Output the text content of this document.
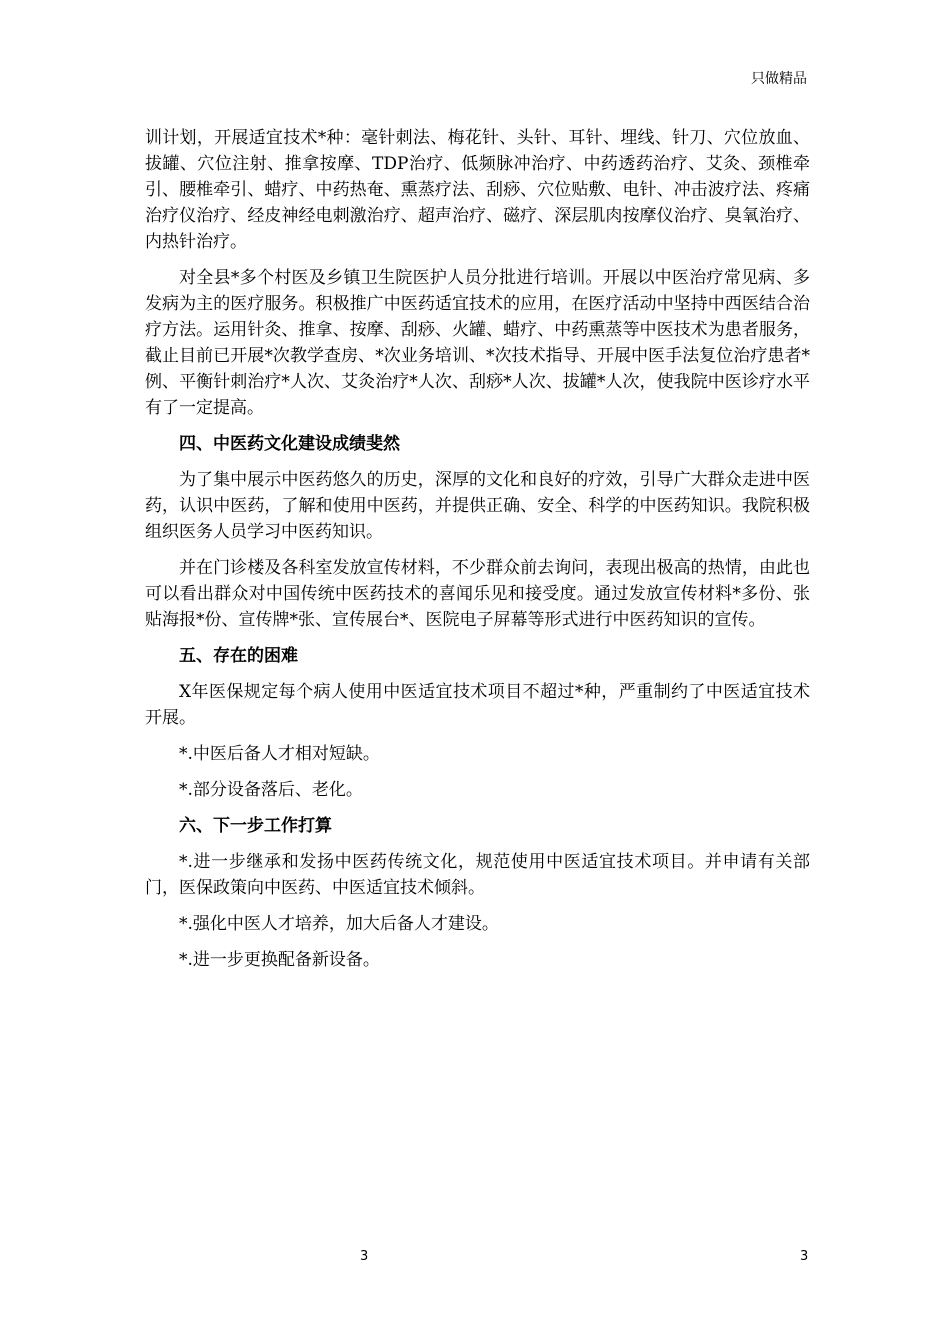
只做精品

训计划，开展适宜技术*种：毫针刺法、梅花针、头针、耳针、埋线、针刀、穴位放血、拔罐、穴位注射、推拿按摩、TDP治疗、低频脉冲治疗、中药透药治疗、艾灸、颈椎牵引、腰椎牵引、蜡疗、中药热奄、熏蒸疗法、刮痧、穴位贴敷、电针、冲击波疗法、疼痛治疗仪治疗、经皮神经电刺激治疗、超声治疗、磁疗、深层肌肉按摩仪治疗、臭氧治疗、内热针治疗。

对全县*多个村医及乡镇卫生院医护人员分批进行培训。开展以中医治疗常见病、多发病为主的医疗服务。积极推广中医药适宜技术的应用，在医疗活动中坚持中西医结合治疗方法。运用针灸、推拿、按摩、刮痧、火罐、蜡疗、中药熏蒸等中医技术为患者服务，截止目前已开展*次教学查房、*次业务培训、*次技术指导、开展中医手法复位治疗患者*例、平衡针刺治疗*人次、艾灸治疗*人次、刮痧*人次、拔罐*人次，使我院中医诊疗水平有了一定提高。

四、中医药文化建设成绩斐然

为了集中展示中医药悠久的历史，深厚的文化和良好的疗效，引导广大群众走进中医药，认识中医药，了解和使用中医药，并提供正确、安全、科学的中医药知识。我院积极组织医务人员学习中医药知识。

并在门诊楼及各科室发放宣传材料，不少群众前去询问，表现出极高的热情，由此也可以看出群众对中国传统中医药技术的喜闻乐见和接受度。通过发放宣传材料*多份、张贴海报*份、宣传牌*张、宣传展台*、医院电子屏幕等形式进行中医药知识的宣传。

五、存在的困难

X年医保规定每个病人使用中医适宜技术项目不超过*种，严重制约了中医适宜技术开展。

*.中医后备人才相对短缺。

*.部分设备落后、老化。

六、下一步工作打算

*.进一步继承和发扬中医药传统文化，规范使用中医适宜技术项目。并申请有关部门，医保政策向中医药、中医适宜技术倾斜。

*.强化中医人才培养，加大后备人才建设。

*.进一步更换配备新设备。

3	3
